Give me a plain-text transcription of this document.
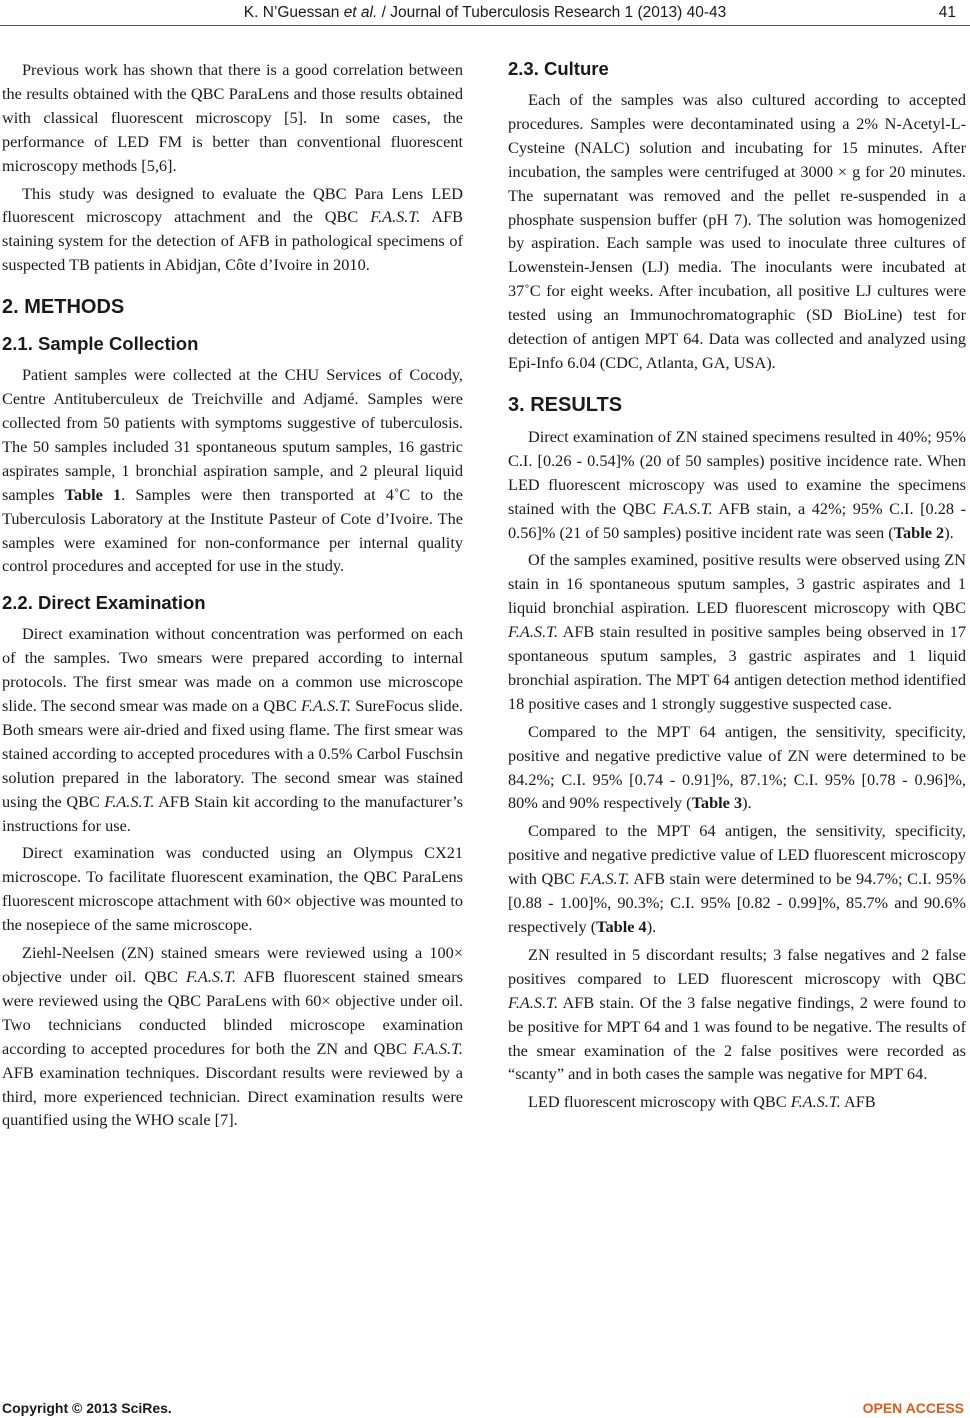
K. N’Guessan et al. / Journal of Tuberculosis Research 1 (2013) 40-43	41

Previous work has shown that there is a good correlation between the results obtained with the QBC ParaLens and those results obtained with classical fluorescent microscopy [5]. In some cases, the performance of LED FM is better than conventional fluorescent microscopy methods [5,6].

This study was designed to evaluate the QBC Para Lens LED fluorescent microscopy attachment and the QBC F.A.S.T. AFB staining system for the detection of AFB in pathological specimens of suspected TB patients in Abidjan, Côte d’Ivoire in 2010.

2. METHODS
2.1. Sample Collection

Patient samples were collected at the CHU Services of Cocody, Centre Antituberculeux de Treichville and Adjamé. Samples were collected from 50 patients with symptoms suggestive of tuberculosis. The 50 samples included 31 spontaneous sputum samples, 16 gastric aspirates sample, 1 bronchial aspiration sample, and 2 pleural liquid samples Table 1. Samples were then transported at 4˚C to the Tuberculosis Laboratory at the Institute Pasteur of Cote d’Ivoire. The samples were examined for non-conformance per internal quality control procedures and accepted for use in the study.

2.2. Direct Examination

Direct examination without concentration was performed on each of the samples. Two smears were prepared according to internal protocols. The first smear was made on a common use microscope slide. The second smear was made on a QBC F.A.S.T. SureFocus slide. Both smears were air-dried and fixed using flame. The first smear was stained according to accepted procedures with a 0.5% Carbol Fuschsin solution prepared in the laboratory. The second smear was stained using the QBC F.A.S.T. AFB Stain kit according to the manufacturer’s instructions for use.

Direct examination was conducted using an Olympus CX21 microscope. To facilitate fluorescent examination, the QBC ParaLens fluorescent microscope attachment with 60× objective was mounted to the nosepiece of the same microscope.

Ziehl-Neelsen (ZN) stained smears were reviewed using a 100× objective under oil. QBC F.A.S.T. AFB fluorescent stained smears were reviewed using the QBC ParaLens with 60× objective under oil. Two technicians conducted blinded microscope examination according to accepted procedures for both the ZN and QBC F.A.S.T. AFB examination techniques. Discordant results were reviewed by a third, more experienced technician. Direct examination results were quantified using the WHO scale [7].

2.3. Culture

Each of the samples was also cultured according to accepted procedures. Samples were decontaminated using a 2% N-Acetyl-L-Cysteine (NALC) solution and incubating for 15 minutes. After incubation, the samples were centrifuged at 3000 × g for 20 minutes. The supernatant was removed and the pellet re-suspended in a phosphate suspension buffer (pH 7). The solution was homogenized by aspiration. Each sample was used to inoculate three cultures of Lowenstein-Jensen (LJ) media. The inoculants were incubated at 37˚C for eight weeks. After incubation, all positive LJ cultures were tested using an Immunochromatographic (SD BioLine) test for detection of antigen MPT 64. Data was collected and analyzed using Epi-Info 6.04 (CDC, Atlanta, GA, USA).

3. RESULTS

Direct examination of ZN stained specimens resulted in 40%; 95% C.I. [0.26 - 0.54]% (20 of 50 samples) positive incidence rate. When LED fluorescent microscopy was used to examine the specimens stained with the QBC F.A.S.T. AFB stain, a 42%; 95% C.I. [0.28 - 0.56]% (21 of 50 samples) positive incident rate was seen (Table 2).

Of the samples examined, positive results were observed using ZN stain in 16 spontaneous sputum samples, 3 gastric aspirates and 1 liquid bronchial aspiration. LED fluorescent microscopy with QBC F.A.S.T. AFB stain resulted in positive samples being observed in 17 spontaneous sputum samples, 3 gastric aspirates and 1 liquid bronchial aspiration. The MPT 64 antigen detection method identified 18 positive cases and 1 strongly suggestive suspected case.

Compared to the MPT 64 antigen, the sensitivity, specificity, positive and negative predictive value of ZN were determined to be 84.2%; C.I. 95% [0.74 - 0.91]%, 87.1%; C.I. 95% [0.78 - 0.96]%, 80% and 90% respectively (Table 3).

Compared to the MPT 64 antigen, the sensitivity, specificity, positive and negative predictive value of LED fluorescent microscopy with QBC F.A.S.T. AFB stain were determined to be 94.7%; C.I. 95% [0.88 - 1.00]%, 90.3%; C.I. 95% [0.82 - 0.99]%, 85.7% and 90.6% respectively (Table 4).

ZN resulted in 5 discordant results; 3 false negatives and 2 false positives compared to LED fluorescent microscopy with QBC F.A.S.T. AFB stain. Of the 3 false negative findings, 2 were found to be positive for MPT 64 and 1 was found to be negative. The results of the smear examination of the 2 false positives were recorded as “scanty” and in both cases the sample was negative for MPT 64.

LED fluorescent microscopy with QBC F.A.S.T. AFB

Copyright © 2013 SciRes.	OPEN ACCESS
